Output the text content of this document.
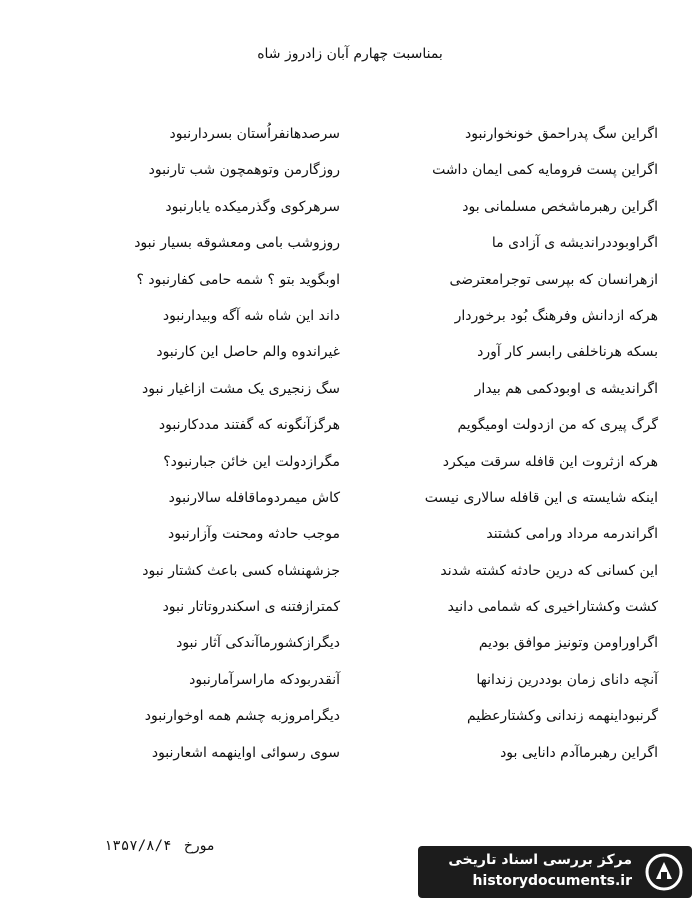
بمناسبت چهارم آبان زادروز شاه
اگراین سگ پدراحمق خونخوارنبود
سرصدهانفراُستان بسردارنبود
اگراین پست فرومایه کمی ایمان داشت
روزگارمن وتوهمچون شب تارنبود
اگراین رهبرماشخص مسلمانی بود
سرهرکوی وگذرمیکده یابارنبود
اگراوبوددراندیشه ی آزادی ما
روزوشب بامی ومعشوقه بسیار نبود
ازهرانسان که بپرسی توجرامعترضی
اوبگوید بتو ؟ شمه حامی کفارنبود ؟
هرکه ازدانش وفرهنگ بُود برخوردار
داند این شاه شه آگه وبیدارنبود
بسکه هرناخلفی رابسر کار آورد
غیراندوه والم حاصل این کارنبود
اگراندیشه ی اوبودکمی هم بیدار
سگ زنجیری یک مشت ازاغیار نبود
گرگ پیری که من ازدولت اومیگویم
هرگزآنگونه که گفتند مددکارنبود
هرکه ازثروت این قافله سرقت میکرد
مگرازدولت این خائن جبارنبود؟
اینکه شایسته ی این قافله سالاری نیست
کاش میمردوماقافله سالارنبود
اگراندرمه مرداد ورامی کشتند
موجب حادثه ومحنت وآزارنبود
این کسانی که درین حادثه کشته شدند
جزشهنشاه کسی باعث کشتار نبود
کشت وکشتاراخیری که شمامی دانید
کمترازفتنه ی اسکندروتاتار نبود
اگراوراومن وتونیز موافق بودیم
دیگرازکشورماآندکی آثار نبود
آنچه دانای زمان بوددرین زندانها
آنقدربودکه ماراسرآمارنبود
گرنبوداینهمه زندانی وکشتارعظیم
دیگرامروزبه چشم همه اوخوارنبود
اگراین رهبرماآدم دانایی بود
سوی رسوائی اواینهمه اشعارنبود
مورخ ۱۳۵۷/۸/۴
مرکز بررسی اسناد تاریخی
historydocuments.ir
